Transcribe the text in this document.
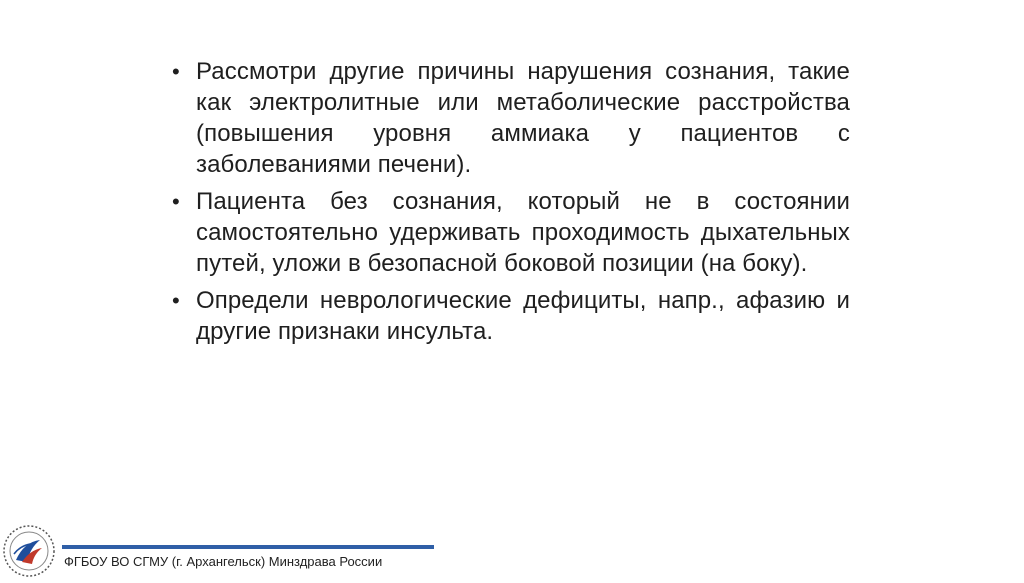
• Рассмотри другие причины нарушения сознания, такие как электролитные или метаболические расстройства (повышения уровня аммиака у пациентов с заболеваниями печени).
• Пациента без сознания, который не в состоянии самостоятельно удерживать проходимость дыхательных путей, уложи в безопасной боковой позиции (на боку).
• Определи неврологические дефициты, напр., афазию и другие признаки инсульта.
ФГБОУ ВО СГМУ (г. Архангельск) Минздрава России
